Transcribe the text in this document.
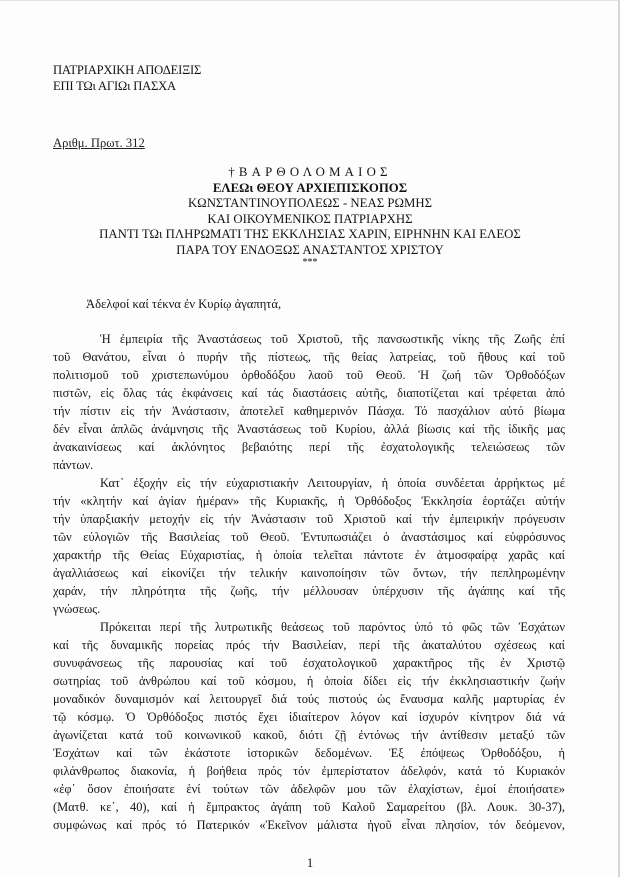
ΠΑΤΡΙΑΡΧΙΚΗ ΑΠΟΔΕΙΞΙΣ
ΕΠΙ ΤΩι ΑΓΙΩι ΠΑΣΧΑ
Αριθμ. Πρωτ. 312
†ΒΑΡΘΟΛΟΜΑΙΟΣ
ΕΛΕΩι ΘΕΟΥ ΑΡΧΙΕΠΙΣΚΟΠΟΣ
ΚΩΝΣΤΑΝΤΙΝΟΥΠΟΛΕΩΣ - ΝΕΑΣ ΡΩΜΗΣ
ΚΑΙ ΟΙΚΟΥΜΕΝΙΚΟΣ ΠΑΤΡΙΑΡΧΗΣ
ΠΑΝΤΙ ΤΩι ΠΛΗΡΩΜΑΤΙ ΤΗΣ ΕΚΚΛΗΣΙΑΣ ΧΑΡΙΝ, ΕΙΡΗΝΗΝ ΚΑΙ ΕΛΕΟΣ
ΠΑΡΑ ΤΟΥ ΕΝΔΟΞΩΣ ΑΝΑΣΤΑΝΤΟΣ ΧΡΙΣΤΟΥ
***
Ἀδελφοί καί τέκνα ἐν Κυρίῳ ἀγαπητά,
Ἡ ἐμπειρία τῆς Ἀναστάσεως τοῦ Χριστοῦ, τῆς πανσωστικῆς νίκης τῆς Ζωῆς ἐπί
τοῦ Θανάτου, εἶναι ὁ πυρήν τῆς πίστεως, τῆς θείας λατρείας, τοῦ ἤθους καί τοῦ
πολιτισμοῦ τοῦ χριστεπωνύμου ὀρθοδόξου λαοῦ τοῦ Θεοῦ. Ἡ ζωή τῶν Ὀρθοδόξων
πιστῶν, εἰς ὅλας τάς ἐκφάνσεις καί τάς διαστάσεις αὐτῆς, διαποτίζεται καί τρέφεται ἀπό
τήν πίστιν εἰς τήν Ἀνάστασιν, ἀποτελεῖ καθημερινόν Πάσχα. Τό πασχάλιον αὐτό βίωμα
δέν εἶναι ἁπλῶς ἀνάμνησις τῆς Ἀναστάσεως τοῦ Κυρίου, ἀλλά βίωσις καί τῆς ἰδικῆς μας
ἀνακαινίσεως καί ἀκλόνητος βεβαιότης περί τῆς ἐσχατολογικῆς τελειώσεως τῶν
πάντων.
Κατ᾽ ἐξοχήν εἰς τήν εὐχαριστιακήν Λειτουργίαν, ἡ ὁποία συνδέεται ἀρρήκτως μέ
τήν «κλητήν καί ἁγίαν ἡμέραν» τῆς Κυριακῆς, ἡ Ὀρθόδοξος Ἐκκλησία ἑορτάζει αὐτήν
τήν ὑπαρξιακήν μετοχήν εἰς τήν Ἀνάστασιν τοῦ Χριστοῦ καί τήν ἐμπειρικήν πρόγευσιν
τῶν εὐλογιῶν τῆς Βασιλείας τοῦ Θεοῦ. Ἐντυπωσιάζει ὁ ἀναστάσιμος καί εὐφρόσυνος
χαρακτήρ τῆς Θείας Εὐχαριστίας, ἡ ὁποία τελεῖται πάντοτε ἐν ἀτμοσφαίρᾳ χαρᾶς καί
ἀγαλλιάσεως καί εἰκονίζει τήν τελικήν καινοποίησιν τῶν ὄντων, τήν πεπληρωμένην
χαράν, τήν πληρότητα τῆς ζωῆς, τήν μέλλουσαν ὑπέρχυσιν τῆς ἀγάπης καί τῆς
γνώσεως.
Πρόκειται περί τῆς λυτρωτικῆς θεάσεως τοῦ παρόντος ὑπό τό φῶς τῶν Ἐσχάτων
καί τῆς δυναμικῆς πορείας πρός τήν Βασιλείαν, περί τῆς ἀκαταλύτου σχέσεως καί
συνυφάνσεως τῆς παρουσίας καί τοῦ ἐσχατολογικοῦ χαρακτῆρος τῆς ἐν Χριστῷ
σωτηρίας τοῦ ἀνθρώπου καί τοῦ κόσμου, ἡ ὁποία δίδει εἰς τήν ἐκκλησιαστικήν ζωήν
μοναδικόν δυναμισμόν καί λειτουργεῖ διά τούς πιστούς ὡς ἔναυσμα καλῆς μαρτυρίας ἐν
τῷ κόσμῳ. Ὁ Ὀρθόδοξος πιστός ἔχει ἰδιαίτερον λόγον καί ἰσχυρόν κίνητρον διά νά
ἀγωνίζεται κατά τοῦ κοινωνικοῦ κακοῦ, διότι ζῇ ἐντόνως τήν ἀντίθεσιν μεταξύ τῶν
Ἐσχάτων καί τῶν ἑκάστοτε ἱστορικῶν δεδομένων. Ἐξ ἐπόψεως Ὀρθοδόξου, ἡ
φιλάνθρωπος διακονία, ἡ βοήθεια πρός τόν ἐμπερίστατον ἀδελφόν, κατά τό Κυριακόν
«ἐφ᾽ ὅσον ἐποιήσατε ἑνί τούτων τῶν ἀδελφῶν μου τῶν ἐλαχίστων, ἐμοί ἐποιήσατε»
(Ματθ. κε΄, 40), καί ἡ ἔμπρακτος ἀγάπη τοῦ Καλοῦ Σαμαρείτου (βλ. Λουκ. 30-37),
συμφώνως καί πρός τό Πατερικόν «Ἐκεῖνον μάλιστα ἡγοῦ εἶναι πλησίον, τόν δεόμενον,
1
